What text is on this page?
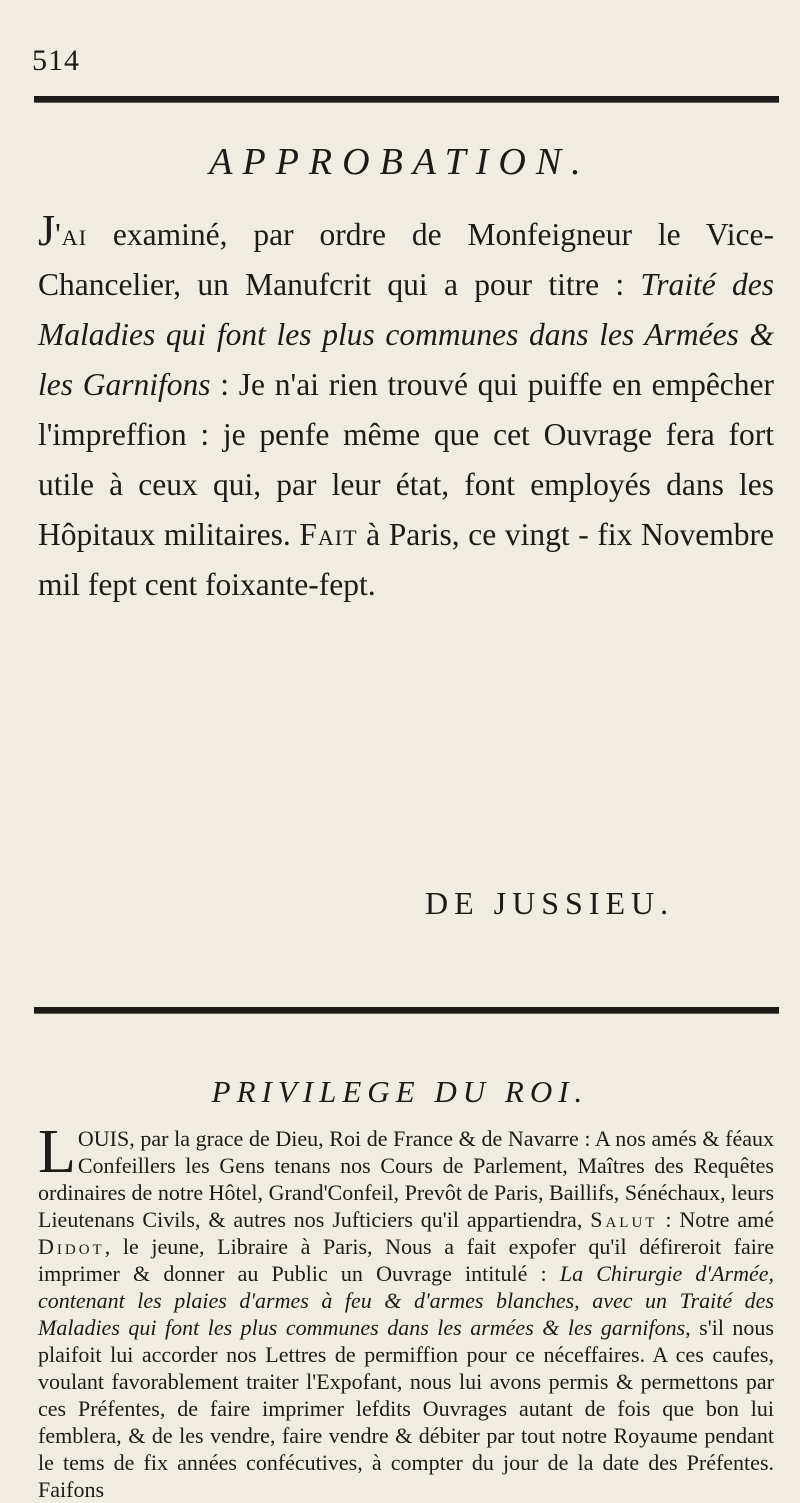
514
APPROBATION.
J'ai examiné, par ordre de Monfeigneur le Vice-Chancelier, un Manufcrit qui a pour titre : Traité des Maladies qui font les plus communes dans les Armées & les Garnifons : Je n'ai rien trouvé qui puiffe en empêcher l'impreffion : je penfe même que cet Ouvrage fera fort utile à ceux qui, par leur état, font employés dans les Hôpitaux militaires. Fait à Paris, ce vingt - fix Novembre mil fept cent foixante-fept.
DE JUSSIEU.
PRIVILEGE DU ROI.
LOUIS, par la grace de Dieu, Roi de France & de Navarre : A nos amés & féaux Confeillers les Gens tenans nos Cours de Parlement, Maîtres des Requêtes ordinaires de notre Hôtel, Grand'Confeil, Prevôt de Paris, Baillifs, Sénéchaux, leurs Lieutenans Civils, & autres nos Jufticiers qu'il appartiendra, Salut : Notre amé Didot, le jeune, Libraire à Paris, Nous a fait expofer qu'il défireroit faire imprimer & donner au Public un Ouvrage intitulé : La Chirurgie d'Armée, contenant les plaies d'armes à feu & d'armes blanches, avec un Traité des Maladies qui font les plus communes dans les armées & les garnifons, s'il nous plaifoit lui accorder nos Lettres de permiffion pour ce néceffaires. A ces caufes, voulant favorablement traiter l'Expofant, nous lui avons permis & permettons par ces Préfentes, de faire imprimer lefdits Ouvrages autant de fois que bon lui femblera, & de les vendre, faire vendre & débiter par tout notre Royaume pendant le tems de fix années confécutives, à compter du jour de la date des Préfentes. Faifons
